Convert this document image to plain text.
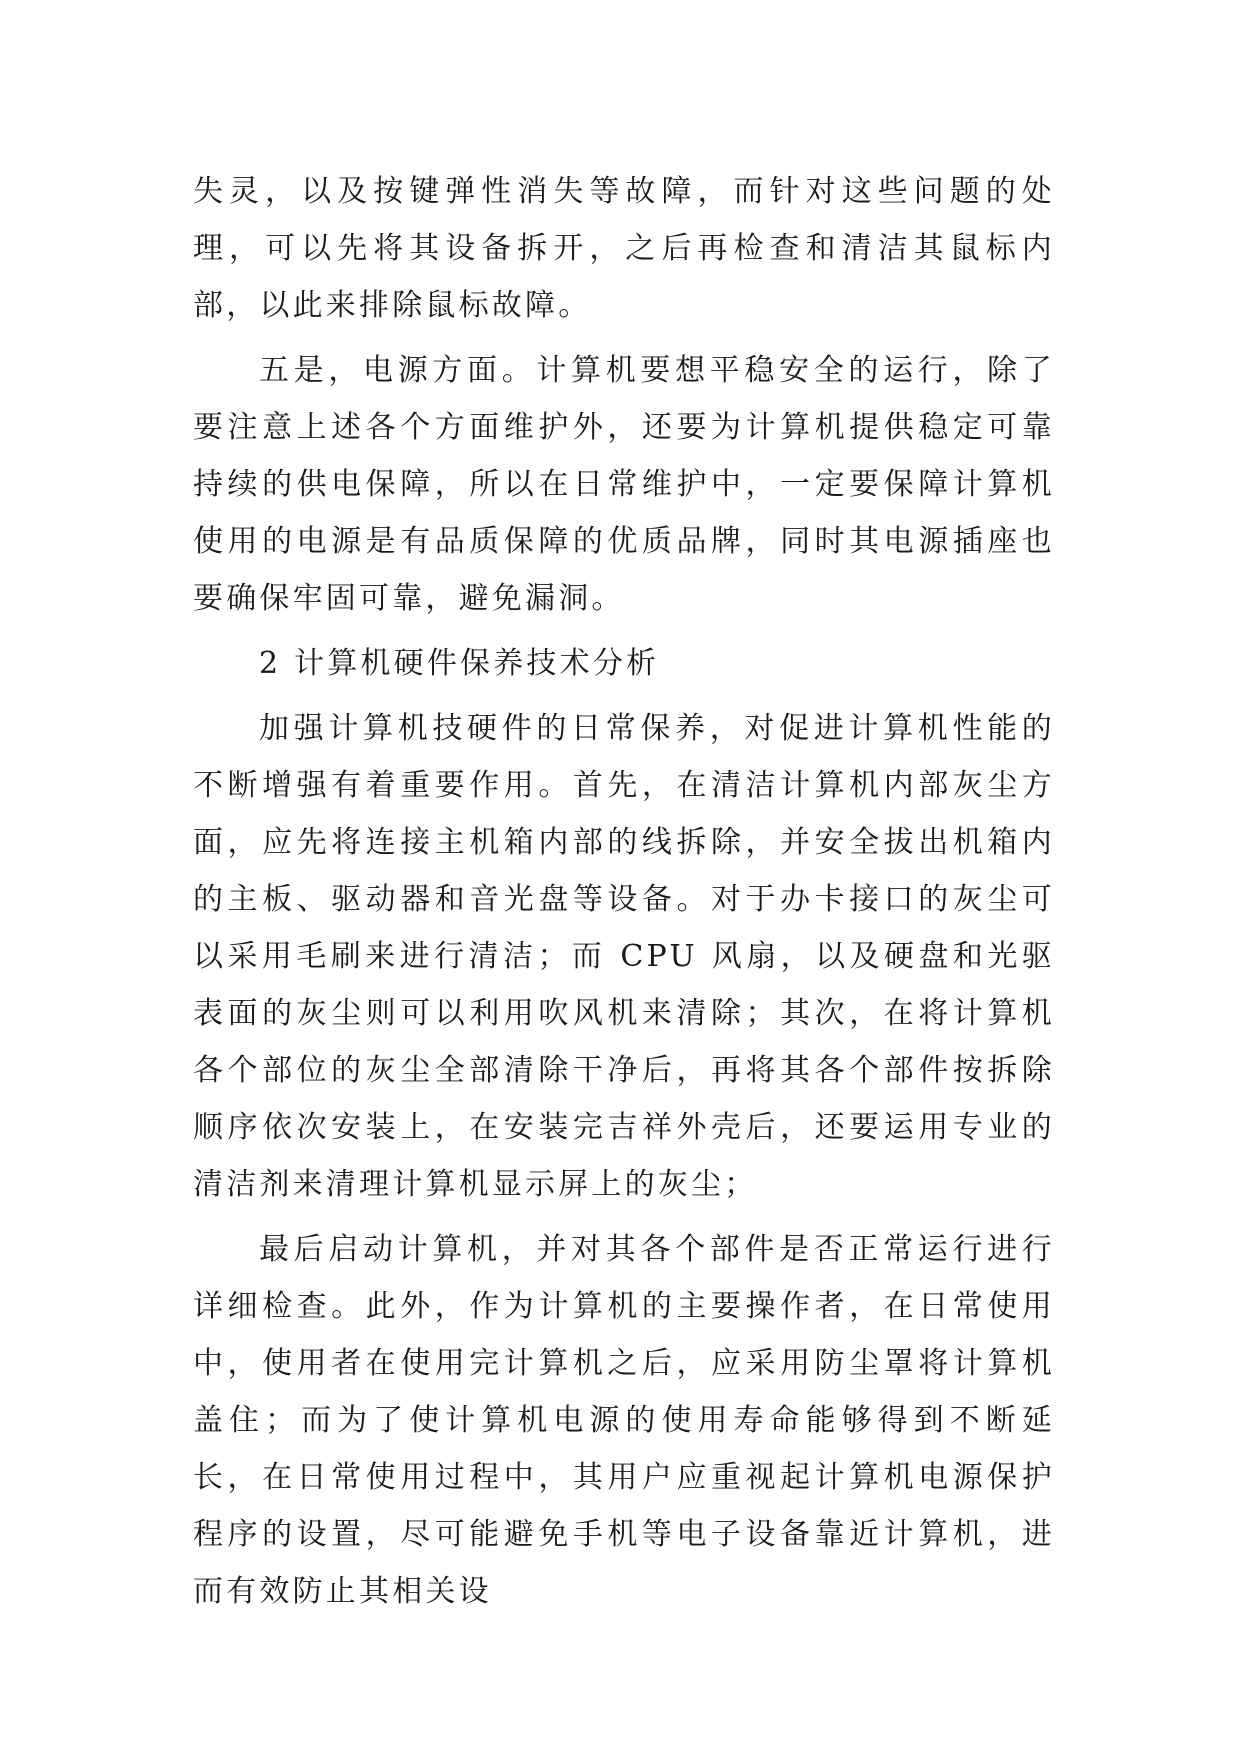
失灵，以及按键弹性消失等故障，而针对这些问题的处理，可以先将其设备拆开，之后再检查和清洁其鼠标内部，以此来排除鼠标故障。

五是，电源方面。计算机要想平稳安全的运行，除了要注意上述各个方面维护外，还要为计算机提供稳定可靠持续的供电保障，所以在日常维护中，一定要保障计算机使用的电源是有品质保障的优质品牌，同时其电源插座也要确保牢固可靠，避免漏洞。

2 计算机硬件保养技术分析

加强计算机技硬件的日常保养，对促进计算机性能的不断增强有着重要作用。首先，在清洁计算机内部灰尘方面，应先将连接主机箱内部的线拆除，并安全拔出机箱内的主板、驱动器和音光盘等设备。对于办卡接口的灰尘可以采用毛刷来进行清洁；而 CPU 风扇，以及硬盘和光驱表面的灰尘则可以利用吹风机来清除；其次，在将计算机各个部位的灰尘全部清除干净后，再将其各个部件按拆除顺序依次安装上，在安装完吉祥外壳后，还要运用专业的清洁剂来清理计算机显示屏上的灰尘；

最后启动计算机，并对其各个部件是否正常运行进行详细检查。此外，作为计算机的主要操作者，在日常使用中，使用者在使用完计算机之后，应采用防尘罩将计算机盖住；而为了使计算机电源的使用寿命能够得到不断延长，在日常使用过程中，其用户应重视起计算机电源保护程序的设置，尽可能避免手机等电子设备靠近计算机，进而有效防止其相关设
